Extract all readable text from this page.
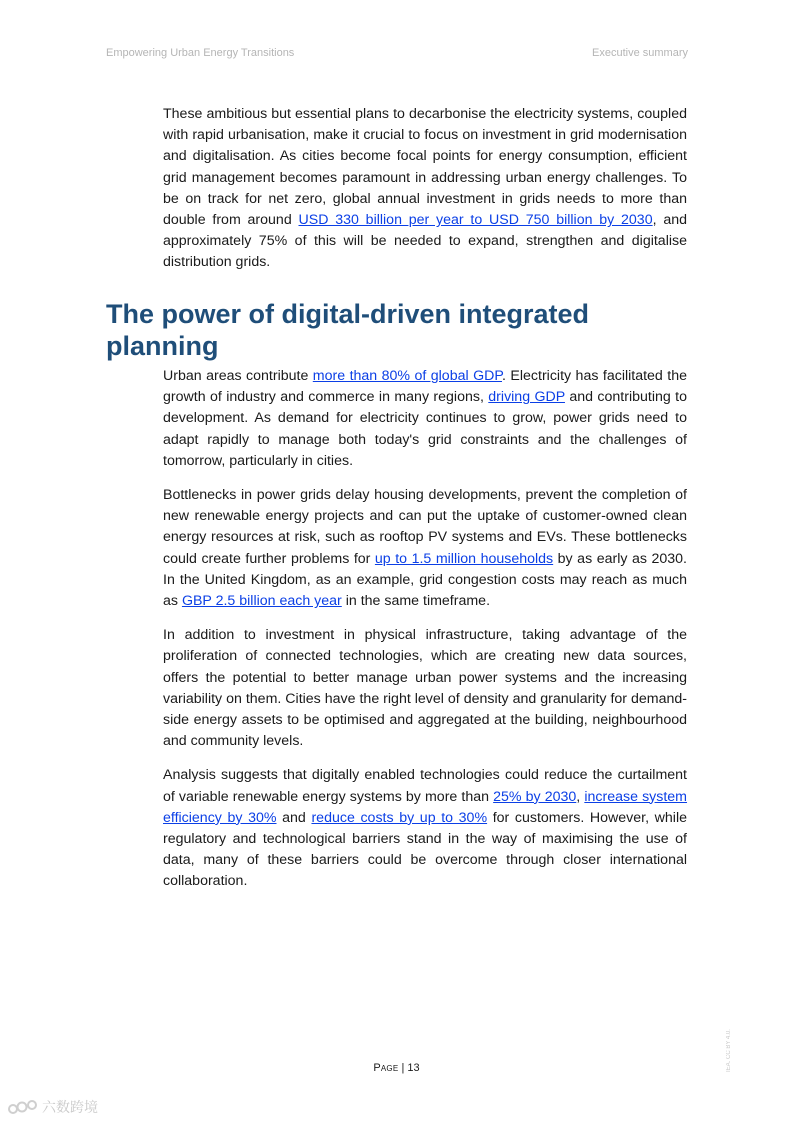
Empowering Urban Energy Transitions	Executive summary

These ambitious but essential plans to decarbonise the electricity systems, coupled with rapid urbanisation, make it crucial to focus on investment in grid modernisation and digitalisation. As cities become focal points for energy consumption, efficient grid management becomes paramount in addressing urban energy challenges. To be on track for net zero, global annual investment in grids needs to more than double from around USD 330 billion per year to USD 750 billion by 2030, and approximately 75% of this will be needed to expand, strengthen and digitalise distribution grids.

The power of digital-driven integrated planning

Urban areas contribute more than 80% of global GDP. Electricity has facilitated the growth of industry and commerce in many regions, driving GDP and contributing to development. As demand for electricity continues to grow, power grids need to adapt rapidly to manage both today's grid constraints and the challenges of tomorrow, particularly in cities.

Bottlenecks in power grids delay housing developments, prevent the completion of new renewable energy projects and can put the uptake of customer-owned clean energy resources at risk, such as rooftop PV systems and EVs. These bottlenecks could create further problems for up to 1.5 million households by as early as 2030. In the United Kingdom, as an example, grid congestion costs may reach as much as GBP 2.5 billion each year in the same timeframe.

In addition to investment in physical infrastructure, taking advantage of the proliferation of connected technologies, which are creating new data sources, offers the potential to better manage urban power systems and the increasing variability on them. Cities have the right level of density and granularity for demand-side energy assets to be optimised and aggregated at the building, neighbourhood and community levels.

Analysis suggests that digitally enabled technologies could reduce the curtailment of variable renewable energy systems by more than 25% by 2030, increase system efficiency by 30% and reduce costs by up to 30% for customers. However, while regulatory and technological barriers stand in the way of maximising the use of data, many of these barriers could be overcome through closer international collaboration.

Page | 13	IEA. CC BY 4.0.
六数跨境
